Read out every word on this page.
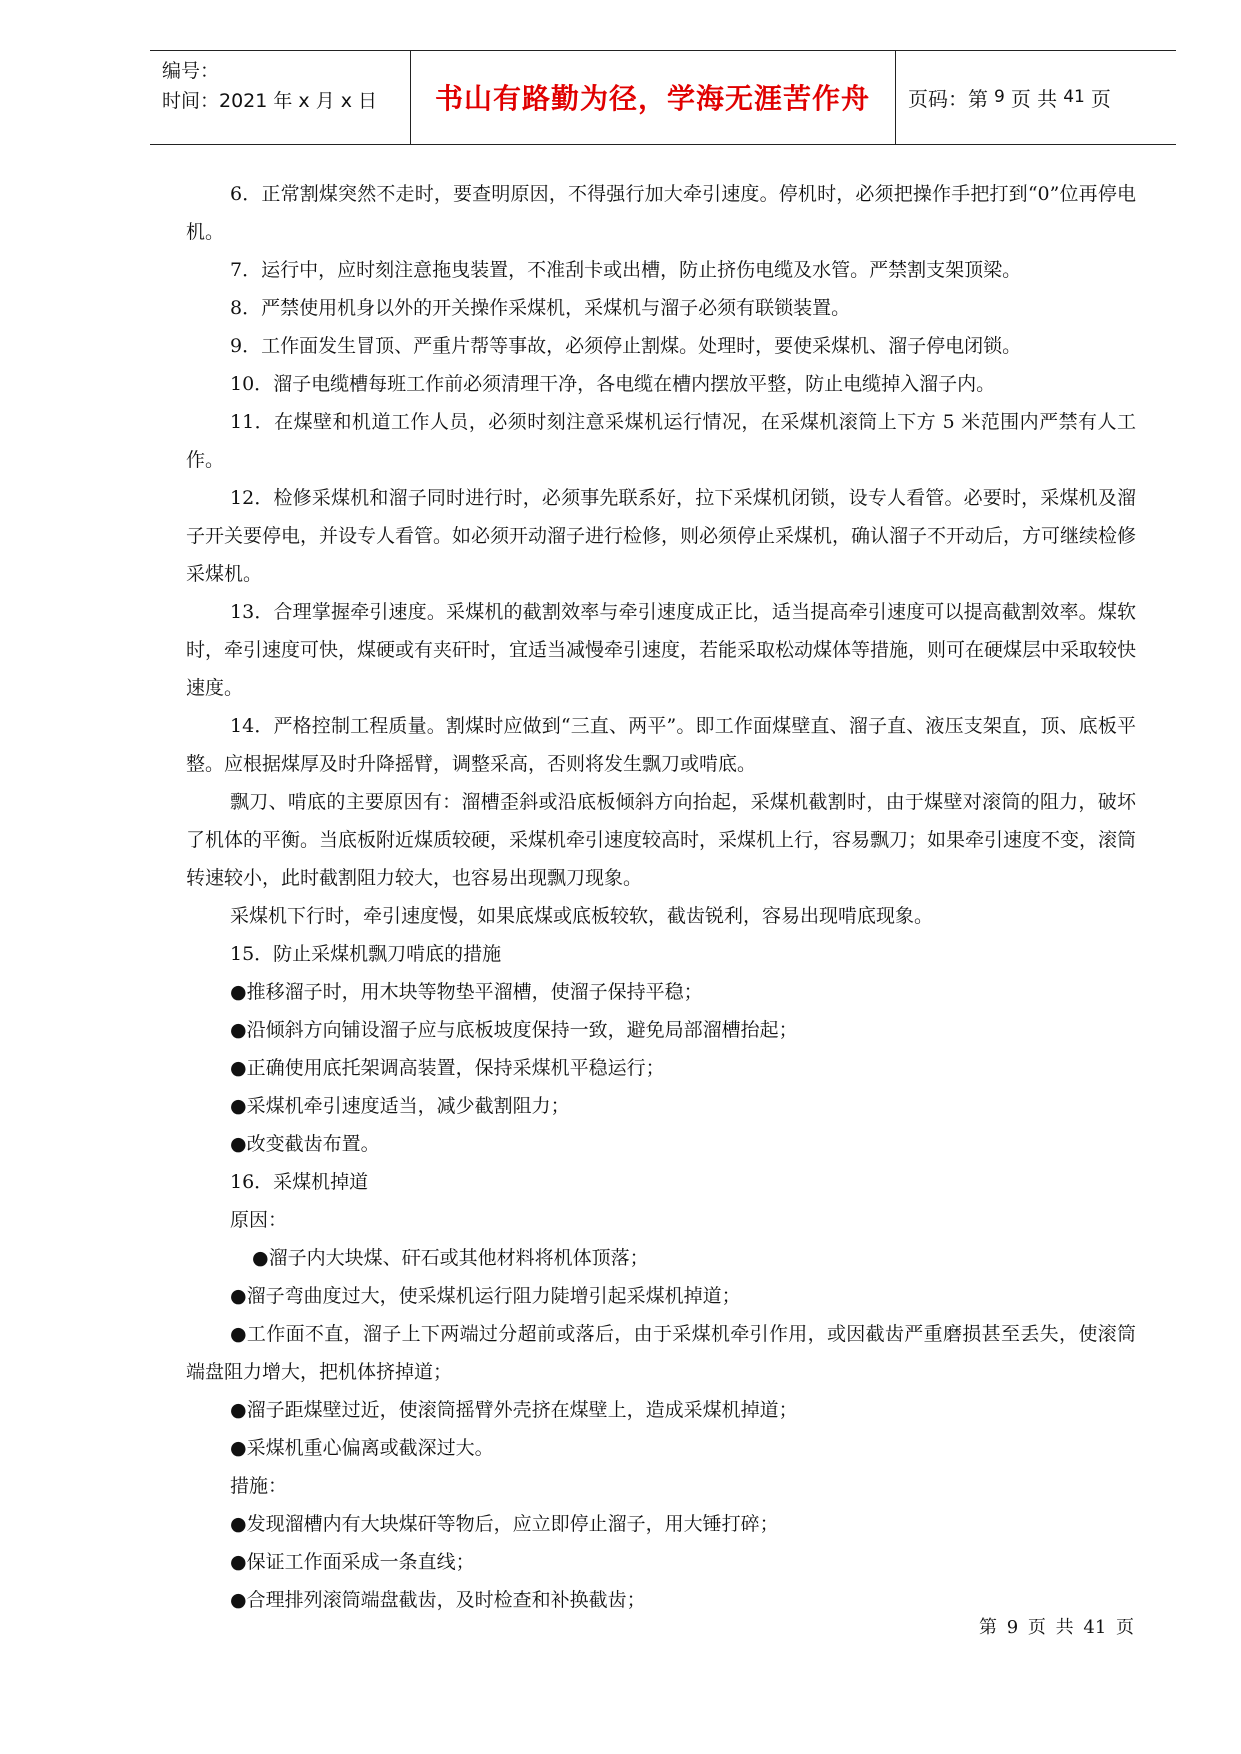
编号：
时间：2021 年 x 月 x 日	书山有路勤为径，学海无涯苦作舟	页码：第 9 页 共 41 页

6．正常割煤突然不走时，要查明原因，不得强行加大牵引速度。停机时，必须把操作手把打到“0”位再停电机。

7．运行中，应时刻注意拖曳装置，不准刮卡或出槽，防止挤伤电缆及水管。严禁割支架顶梁。

8．严禁使用机身以外的开关操作采煤机，采煤机与溜子必须有联锁装置。

9．工作面发生冒顶、严重片帮等事故，必须停止割煤。处理时，要使采煤机、溜子停电闭锁。

10．溜子电缆槽每班工作前必须清理干净，各电缆在槽内摆放平整，防止电缆掉入溜子内。

11．在煤壁和机道工作人员，必须时刻注意采煤机运行情况，在采煤机滚筒上下方 5 米范围内严禁有人工作。

12．检修采煤机和溜子同时进行时，必须事先联系好，拉下采煤机闭锁，设专人看管。必要时，采煤机及溜子开关要停电，并设专人看管。如必须开动溜子进行检修，则必须停止采煤机，确认溜子不开动后，方可继续检修采煤机。

13．合理掌握牵引速度。采煤机的截割效率与牵引速度成正比，适当提高牵引速度可以提高截割效率。煤软时，牵引速度可快，煤硬或有夹矸时，宜适当减慢牵引速度，若能采取松动煤体等措施，则可在硬煤层中采取较快速度。

14．严格控制工程质量。割煤时应做到“三直、两平”。即工作面煤壁直、溜子直、液压支架直，顶、底板平整。应根据煤厚及时升降摇臂，调整采高，否则将发生飘刀或啃底。

飘刀、啃底的主要原因有：溜槽歪斜或沿底板倾斜方向抬起，采煤机截割时，由于煤壁对滚筒的阻力，破坏了机体的平衡。当底板附近煤质较硬，采煤机牵引速度较高时，采煤机上行，容易飘刀；如果牵引速度不变，滚筒转速较小，此时截割阻力较大，也容易出现飘刀现象。

采煤机下行时，牵引速度慢，如果底煤或底板较软，截齿锐利，容易出现啃底现象。

15．防止采煤机飘刀啃底的措施

●推移溜子时，用木块等物垫平溜槽，使溜子保持平稳；

●沿倾斜方向铺设溜子应与底板坡度保持一致，避免局部溜槽抬起；

●正确使用底托架调高装置，保持采煤机平稳运行；

●采煤机牵引速度适当，减少截割阻力；

●改变截齿布置。

16．采煤机掉道

原因：

●溜子内大块煤、矸石或其他材料将机体顶落；

●溜子弯曲度过大，使采煤机运行阻力陡增引起采煤机掉道；

●工作面不直，溜子上下两端过分超前或落后，由于采煤机牵引作用，或因截齿严重磨损甚至丢失，使滚筒端盘阻力增大，把机体挤掉道；

●溜子距煤壁过近，使滚筒摇臂外壳挤在煤壁上，造成采煤机掉道；

●采煤机重心偏离或截深过大。

措施：

●发现溜槽内有大块煤矸等物后，应立即停止溜子，用大锤打碎；

●保证工作面采成一条直线；

●合理排列滚筒端盘截齿，及时检查和补换截齿；

第 9 页 共 41 页
